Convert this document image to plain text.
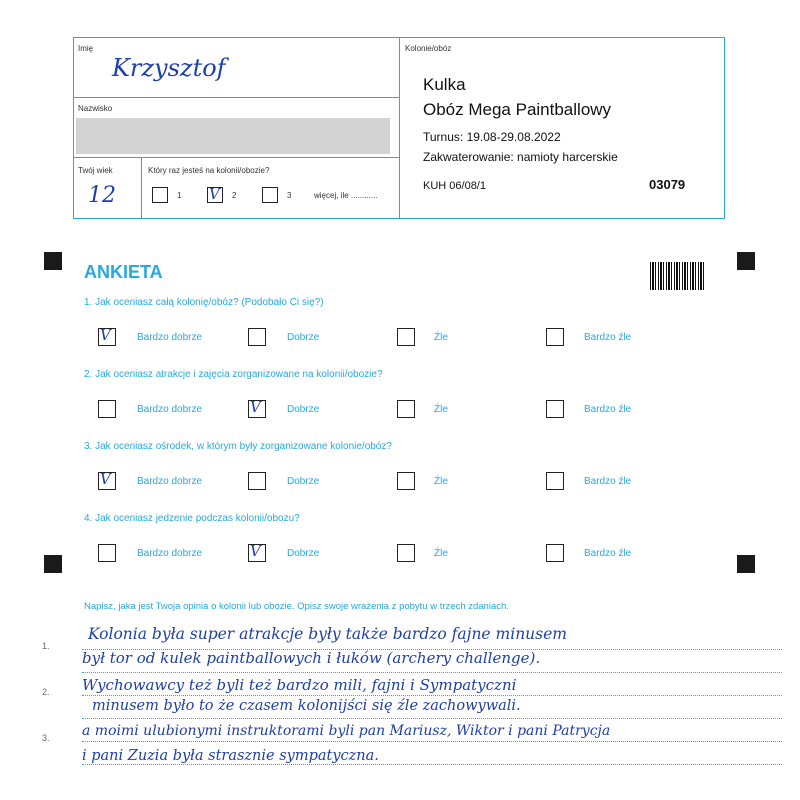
Imię
Krzysztof
Nazwisko
Twój wiek
12
Który raz jesteś na kolonii/obozie?
1 V 2	3	więcej, ile ............
Kolonie/obóz
Kulka
Obóz Mega Paintballowy
Turnus: 19.08-29.08.2022
Zakwaterowanie: namioty harcerskie
KUH 06/08/1	03079
ANKIETA
1. Jak oceniasz całą kolonię/obóz? (Podobało Ci się?)
V	Bardzo dobrze	Dobrze	Źle	Bardzo źle
2. Jak oceniasz atrakcje i zajęcia zorganizowane na kolonii/obozie?
Bardzo dobrze	V	Dobrze	Źle	Bardzo źle
3. Jak oceniasz ośrodek, w którym były zorganizowane kolonie/obóz?
V	Bardzo dobrze	Dobrze	Źle	Bardzo źle
4. Jak oceniasz jedzenie podczas kolonii/obozu?
Bardzo dobrze	V	Dobrze	Źle	Bardzo źle
Napisz, jaka jest Twoja opinia o kolonii lub obozie. Opisz swoje wrażenia z pobytu w trzech zdaniach.
1.
2.
3.
Kolonia była super atrakcje były także bardzo fajne minusem
był tor od kulek paintballowych i łuków (archery challenge).
Wychowawcy też byli też bardzo mili, fajni i Sympatyczni
minusem było to że czasem kolonijści się źle zachowywali.
a moimi ulubionymi instruktorami byli pan Mariusz, Wiktor i pani Patrycja
i pani Zuzia była strasznie sympatyczna.
